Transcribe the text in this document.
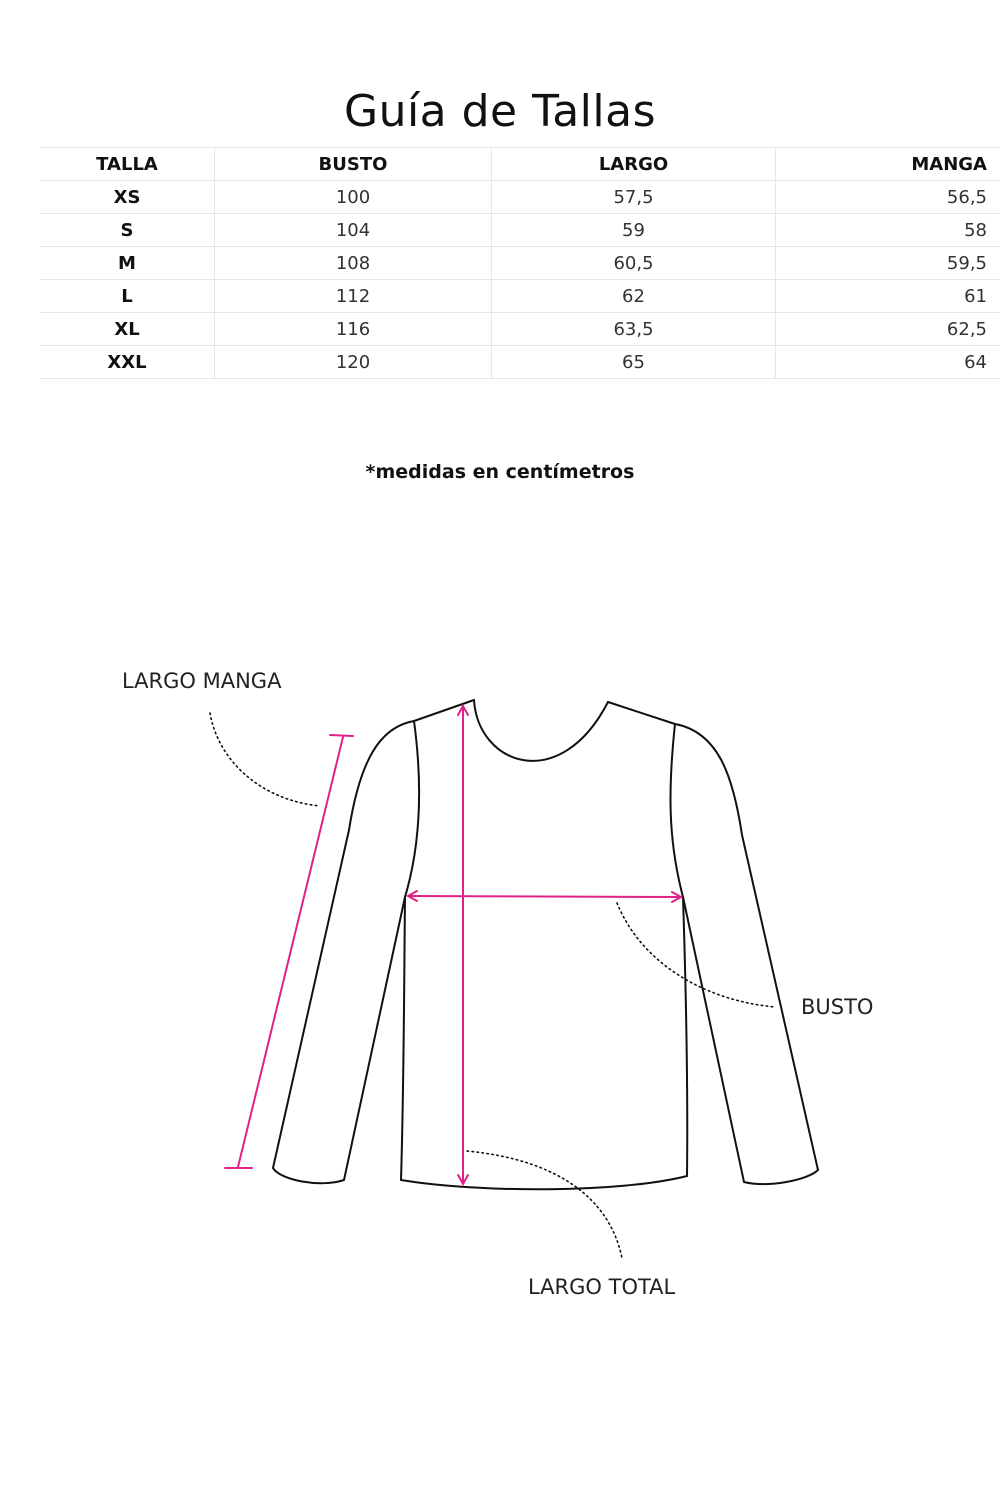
Guía de Tallas
TALLA	BUSTO	LARGO	MANGA
XS	100	57,5	56,5
S	104	59	58
M	108	60,5	59,5
L	112	62	61
XL	116	63,5	62,5
XXL	120	65	64
*medidas en centímetros
LARGO MANGA
BUSTO
LARGO TOTAL
